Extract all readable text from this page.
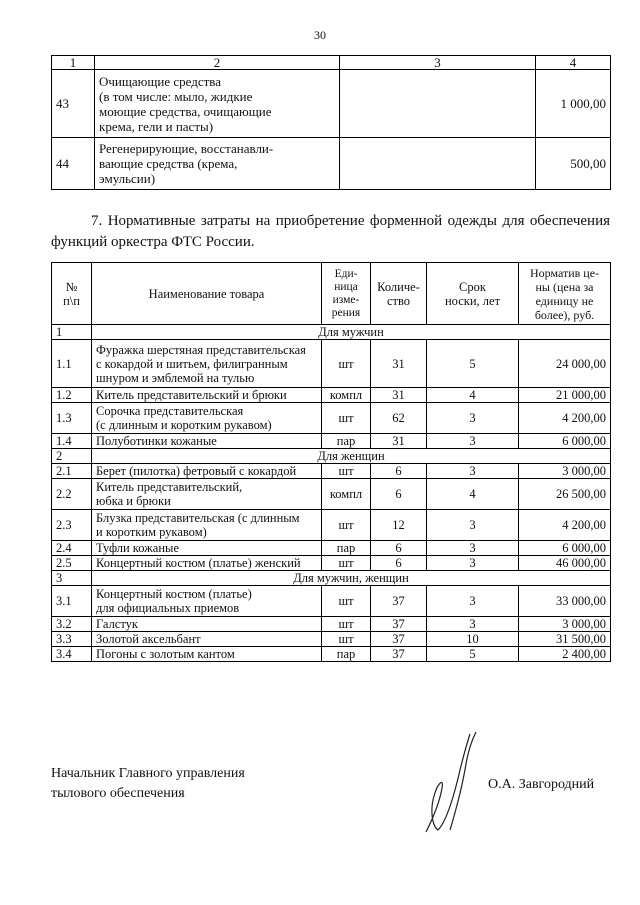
30
1	2	3	4
43	Очищающие средства
(в том числе: мыло, жидкие
моющие средства, очищающие
крема, гели и пасты)		1 000,00
44	Регенерирующие, восстанавли-
вающие средства (крема,
эмульсии)		500,00

7. Нормативные затраты на приобретение форменной одежды для обеспечения функций оркестра ФТС России.

№
п\п	Наименование товара	Еди-
ница
изме-
рения	Количе-
ство	Срок
носки, лет	Норматив це-
ны (цена за
единицу не
более), руб.
1	Для мужчин				
1.1	Фуражка шерстяная представительская
с кокардой и шитьем, филигранным
шнуром и эмблемой на тулью	шт	31	5	24 000,00
1.2	Китель представительский и брюки	компл	31	4	21 000,00
1.3	Сорочка представительская
(с длинным и коротким рукавом)	шт	62	3	4 200,00
1.4	Полуботинки кожаные	пар	31	3	6 000,00
2	Для женщин				
2.1	Берет (пилотка) фетровый с кокардой	шт	6	3	3 000,00
2.2	Китель представительский,
юбка и брюки	компл	6	4	26 500,00
2.3	Блузка представительская (с длинным
и коротким рукавом)	шт	12	3	4 200,00
2.4	Туфли кожаные	пар	6	3	6 000,00
2.5	Концертный костюм (платье) женский	шт	6	3	46 000,00
3	Для мужчин, женщин				
3.1	Концертный костюм (платье)
для официальных приемов	шт	37	3	33 000,00
3.2	Галстук	шт	37	3	3 000,00
3.3	Золотой аксельбант	шт	37	10	31 500,00
3.4	Погоны с золотым кантом	пар	37	5	2 400,00
Начальник Главного управления
тылового обеспечения
О.А. Завгородний
